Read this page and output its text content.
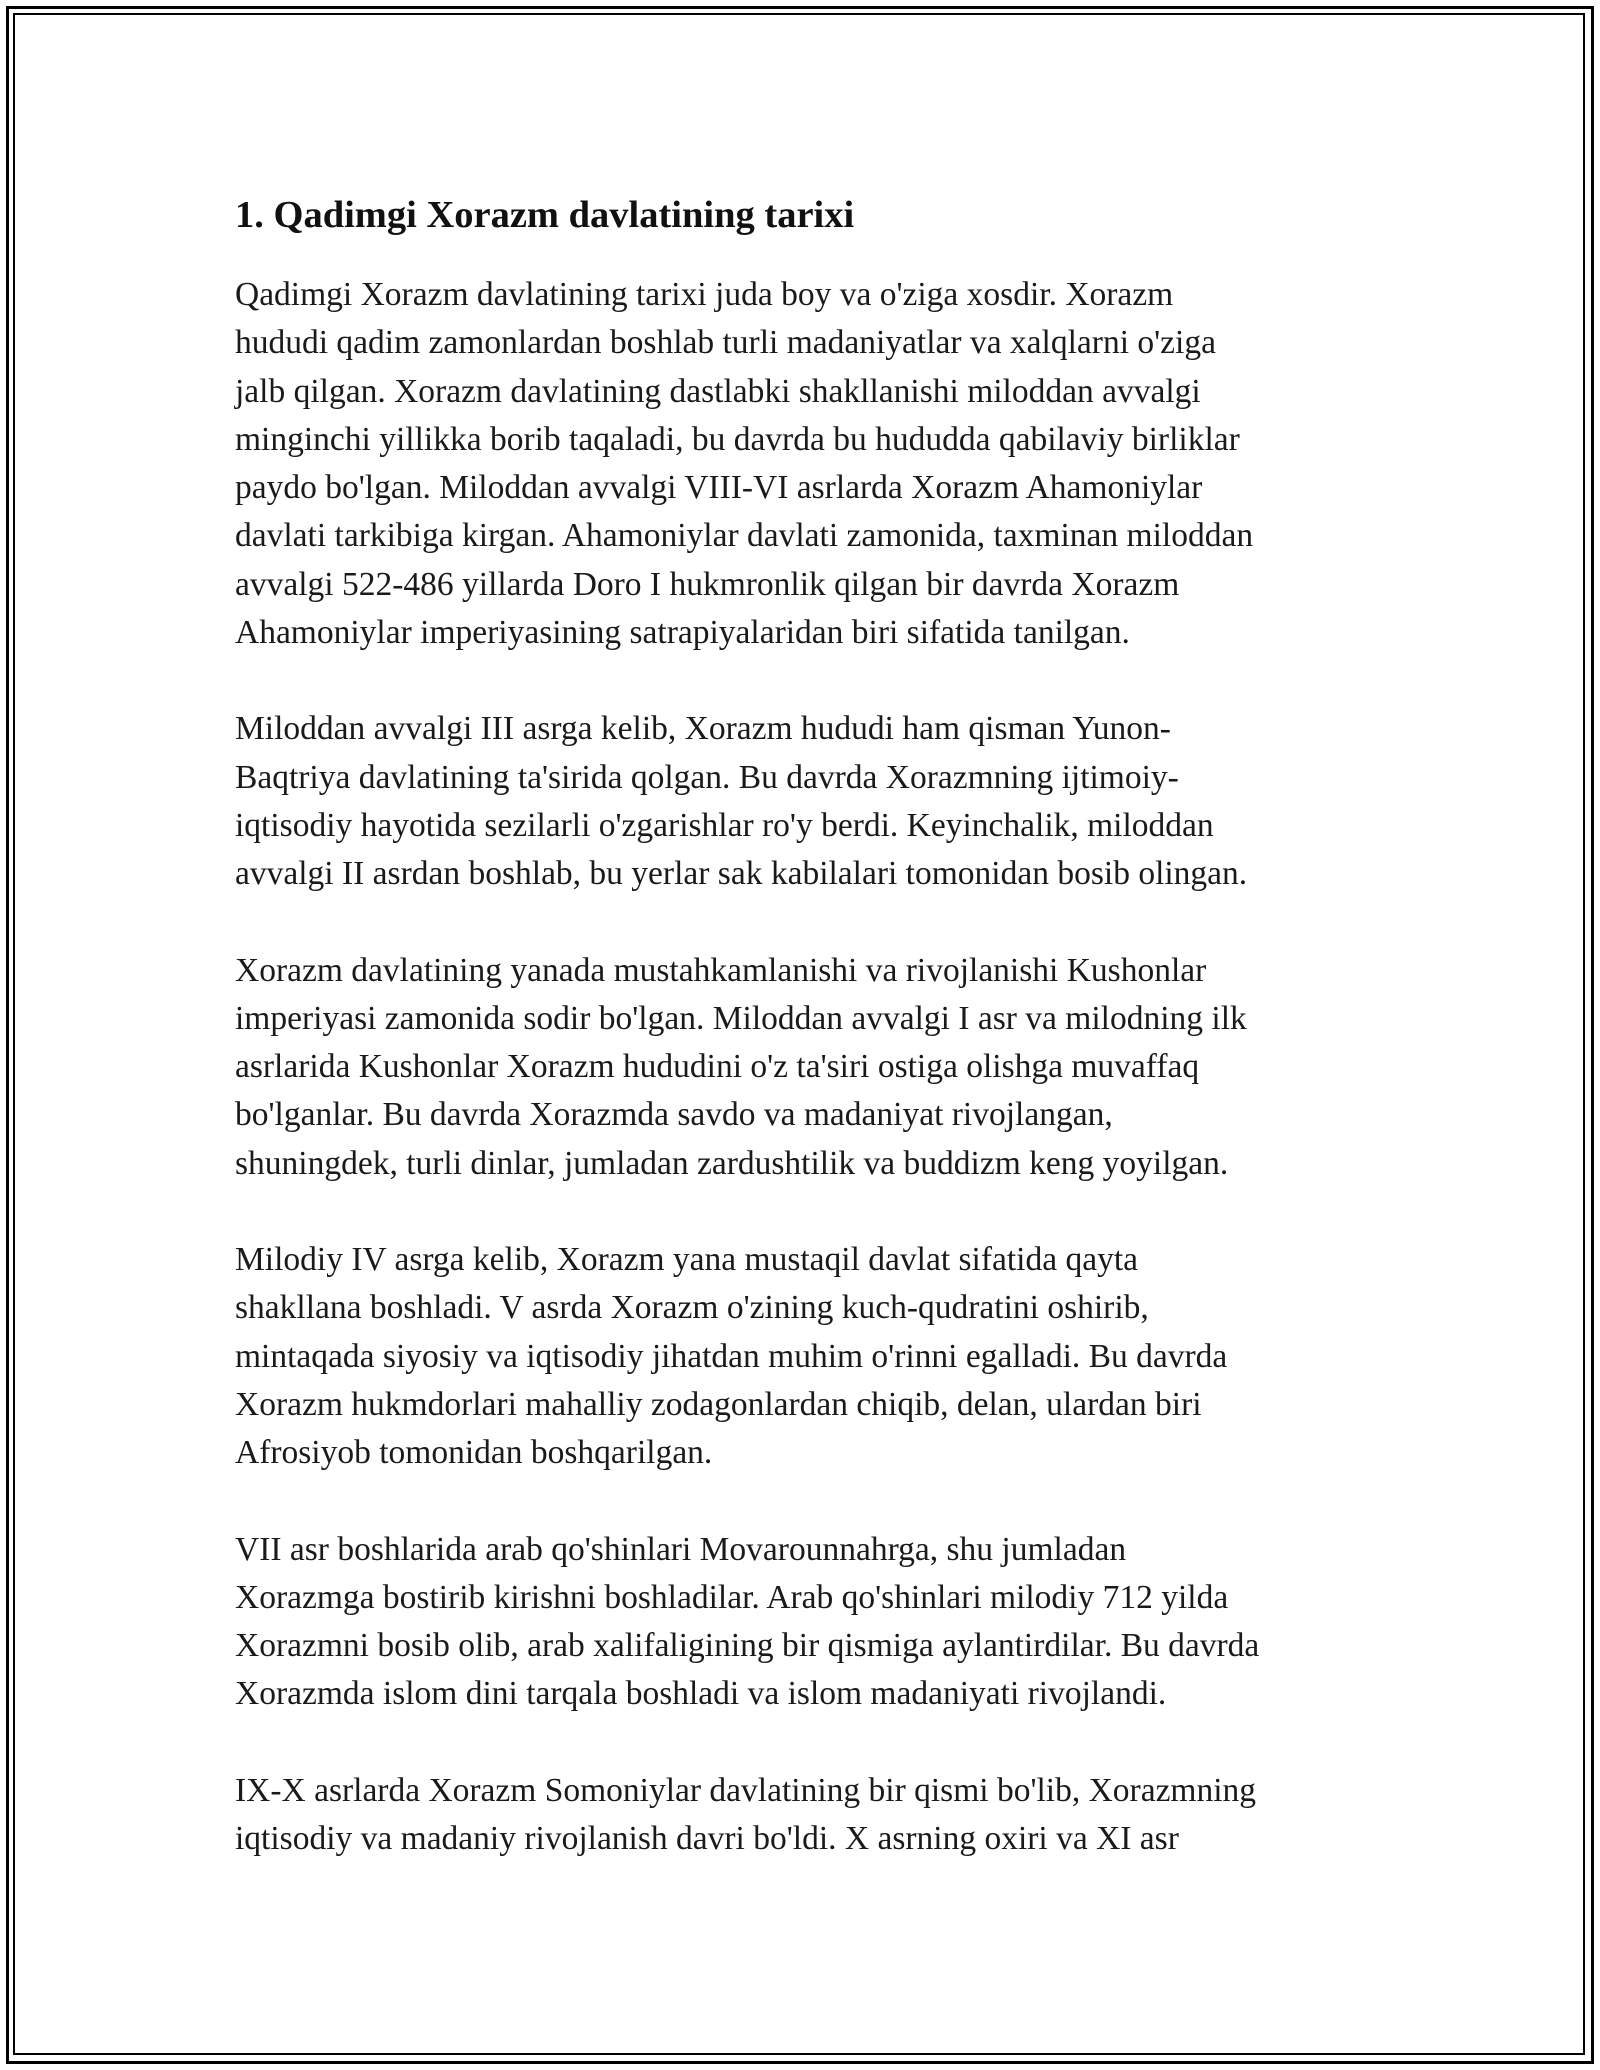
1. Qadimgi Xorazm davlatining tarixi

Qadimgi Xorazm davlatining tarixi juda boy va o'ziga xosdir. Xorazm
hududi qadim zamonlardan boshlab turli madaniyatlar va xalqlarni o'ziga
jalb qilgan. Xorazm davlatining dastlabki shakllanishi miloddan avvalgi
minginchi yillikka borib taqaladi, bu davrda bu hududda qabilaviy birliklar
paydo bo'lgan. Miloddan avvalgi VIII-VI asrlarda Xorazm Ahamoniylar
davlati tarkibiga kirgan. Ahamoniylar davlati zamonida, taxminan miloddan
avvalgi 522-486 yillarda Doro I hukmronlik qilgan bir davrda Xorazm
Ahamoniylar imperiyasining satrapiyalaridan biri sifatida tanilgan.

Miloddan avvalgi III asrga kelib, Xorazm hududi ham qisman Yunon-
Baqtriya davlatining ta'sirida qolgan. Bu davrda Xorazmning ijtimoiy-
iqtisodiy hayotida sezilarli o'zgarishlar ro'y berdi. Keyinchalik, miloddan
avvalgi II asrdan boshlab, bu yerlar sak kabilalari tomonidan bosib olingan.

Xorazm davlatining yanada mustahkamlanishi va rivojlanishi Kushonlar
imperiyasi zamonida sodir bo'lgan. Miloddan avvalgi I asr va milodning ilk
asrlarida Kushonlar Xorazm hududini o'z ta'siri ostiga olishga muvaffaq
bo'lganlar. Bu davrda Xorazmda savdo va madaniyat rivojlangan,
shuningdek, turli dinlar, jumladan zardushtilik va buddizm keng yoyilgan.

Milodiy IV asrga kelib, Xorazm yana mustaqil davlat sifatida qayta
shakllana boshladi. V asrda Xorazm o'zining kuch-qudratini oshirib,
mintaqada siyosiy va iqtisodiy jihatdan muhim o'rinni egalladi. Bu davrda
Xorazm hukmdorlari mahalliy zodagonlardan chiqib, delan, ulardan biri
Afrosiyob tomonidan boshqarilgan.

VII asr boshlarida arab qo'shinlari Movarounnahrga, shu jumladan
Xorazmga bostirib kirishni boshladilar. Arab qo'shinlari milodiy 712 yilda
Xorazmni bosib olib, arab xalifaligining bir qismiga aylantirdilar. Bu davrda
Xorazmda islom dini tarqala boshladi va islom madaniyati rivojlandi.

IX-X asrlarda Xorazm Somoniylar davlatining bir qismi bo'lib, Xorazmning
iqtisodiy va madaniy rivojlanish davri bo'ldi. X asrning oxiri va XI asr
